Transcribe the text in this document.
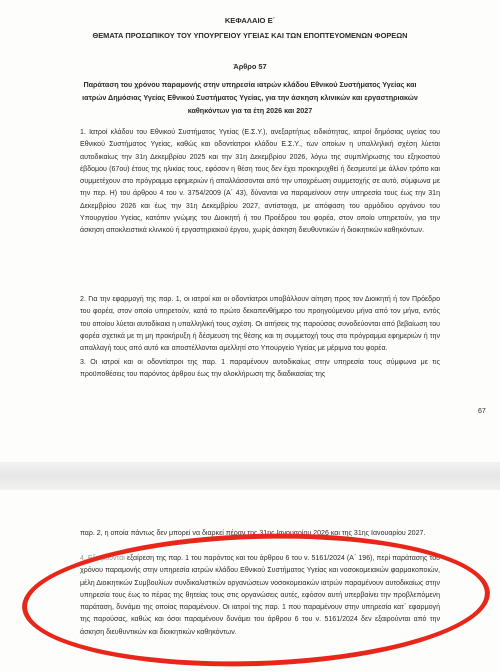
ΚΕΦΑΛΑΙΟ Ε΄
ΘΕΜΑΤΑ ΠΡΟΣΩΠΙΚΟΥ ΤΟΥ ΥΠΟΥΡΓΕΙΟΥ ΥΓΕΙΑΣ ΚΑΙ ΤΩΝ ΕΠΟΠΤΕΥΟΜΕΝΩΝ ΦΟΡΕΩΝ
Άρθρο 57
Παράταση του χρόνου παραμονής στην υπηρεσία ιατρών κλάδου Εθνικού Συστήματος Υγείας και ιατρών Δημόσιας Υγείας Εθνικού Συστήματος Υγείας, για την άσκηση κλινικών και εργαστηριακών καθηκόντων για τα έτη 2026 και 2027
1. Ιατροί κλάδου του Εθνικού Συστήματος Υγείας (Ε.Σ.Υ.), ανεξαρτήτως ειδικότητας, ιατροί δημόσιας υγείας του Εθνικού Συστήματος Υγείας, καθώς και οδοντίατροι κλάδου Ε.Σ.Υ., των οποίων η υπαλληλική σχέση λύεται αυτοδικαίως την 31η Δεκεμβρίου 2025 και την 31η Δεκεμβρίου 2026, λόγω της συμπλήρωσης του εξηκοστού έβδομου (67ου) έτους της ηλικίας τους, εφόσον η θέση τους δεν έχει προκηρυχθεί ή δεσμευτεί με άλλον τρόπο και συμμετέχουν στο πρόγραμμα εφημεριών ή απαλλάσσονται από την υποχρέωση συμμετοχής σε αυτό, σύμφωνα με την περ. Η) του άρθρου 4 του ν. 3754/2009 (Α΄ 43), δύνανται να παραμείνουν στην υπηρεσία τους έως την 31η Δεκεμβρίου 2026 και έως την 31η Δεκεμβρίου 2027, αντίστοιχα, με απόφαση του αρμόδιου οργάνου του Υπουργείου Υγείας, κατόπιν γνώμης του Διοικητή ή του Προέδρου του φορέα, στον οποίο υπηρετούν, για την άσκηση αποκλειστικά κλινικού ή εργαστηριακού έργου, χωρίς άσκηση διευθυντικών ή διοικητικών καθηκόντων.
2. Για την εφαρμογή της παρ. 1, οι ιατροί και οι οδοντίατροι υποβάλλουν αίτηση προς τον Διοικητή ή τον Πρόεδρο του φορέα, στον οποίο υπηρετούν, κατά το πρώτο δεκαπενθήμερο του προηγούμενου μήνα από τον μήνα, εντός του οποίου λύεται αυτοδίκαια η υπαλληλική τους σχέση. Οι αιτήσεις της παρούσας συνοδεύονται από βεβαίωση του φορέα σχετικά με τη μη προκήρυξη ή δέσμευση της θέσης και τη συμμετοχή τους στο πρόγραμμα εφημεριών ή την απαλλαγή τους από αυτό και αποστέλλονται αμελλητί στο Υπουργείο Υγείας με μέριμνα του φορέα.
3. Οι ιατροί και οι οδοντίατροι της παρ. 1 παραμένουν αυτοδικαίως στην υπηρεσία τους σύμφωνα με τις προϋποθέσεις του παρόντος άρθρου έως την ολοκλήρωση της διαδικασίας της
67
παρ. 2, η οποία πάντως δεν μπορεί να διαρκεί πέραν της 31ης Ιανουαρίου 2026 και της 31ης Ιανουαρίου 2027.
4. Εξαιρούνται εξαίρεση της παρ. 1 του παρόντος και του άρθρου 6 του ν. 5161/2024 (Α΄ 196), περί παράτασης του χρόνου παραμονής στην υπηρεσία ιατρών κλάδου Εθνικού Συστήματος Υγείας και νοσοκομειακών φαρμακοποιών, μέλη Διοικητικών Συμβουλίων συνδικαλιστικών οργανώσεων νοσοκομειακών ιατρών παραμένουν αυτοδικαίως στην υπηρεσία τους έως το πέρας της θητείας τους στις οργανώσεις αυτές, εφόσον αυτή υπερβαίνει την προβλεπόμενη παράταση, δυνάμει της οποίας παραμένουν. Οι ιατροί της παρ. 1 που παραμένουν στην υπηρεσία κατ΄ εφαρμογή της παρούσας, καθώς και όσοι παραμένουν δυνάμει του άρθρου 6 του ν. 5161/2024 δεν εξαιρούνται από την άσκηση διευθυντικών και διοικητικών καθηκόντων.
